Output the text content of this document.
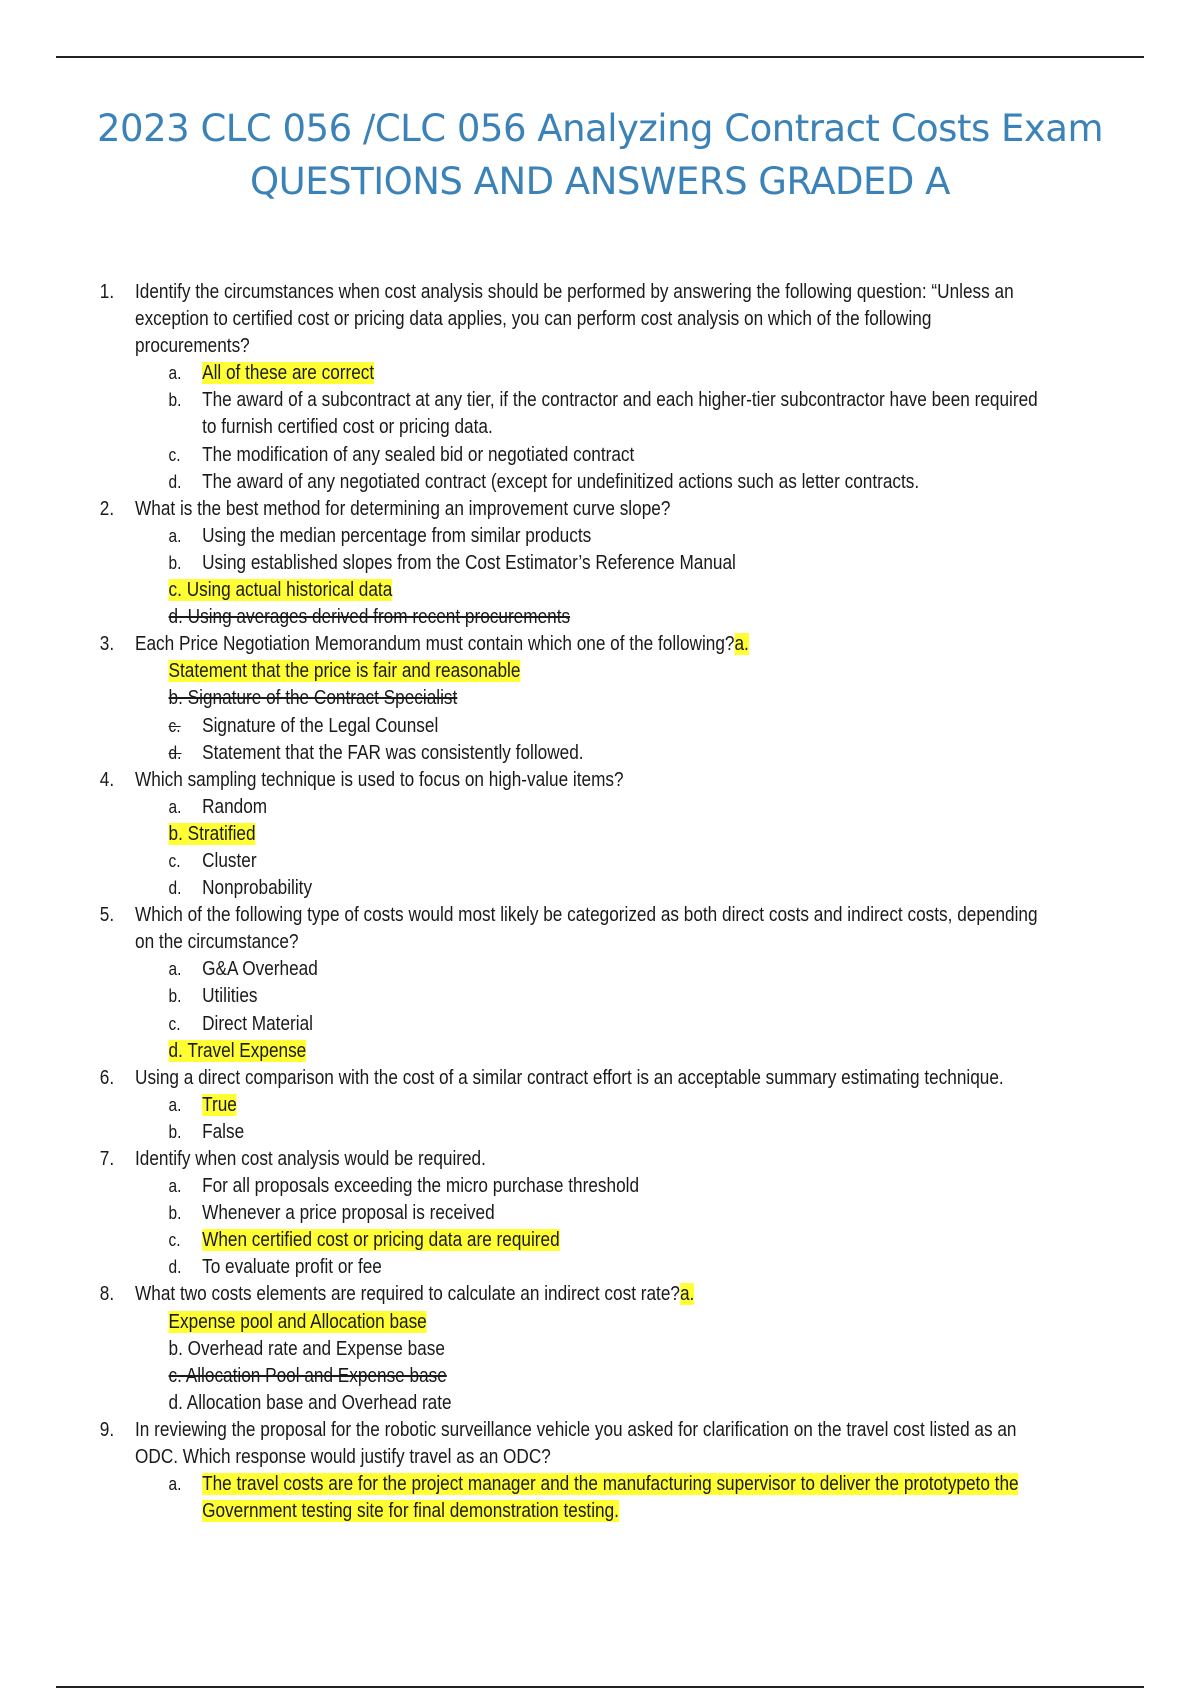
2023 CLC 056 /CLC 056 Analyzing Contract Costs Exam
QUESTIONS AND ANSWERS GRADED A
1. Identify the circumstances when cost analysis should be performed by answering the following question: “Unless an exception to certified cost or pricing data applies, you can perform cost analysis on which of the following procurements?
a. All of these are correct
b. The award of a subcontract at any tier, if the contractor and each higher-tier subcontractor have been required to furnish certified cost or pricing data.
c. The modification of any sealed bid or negotiated contract
d. The award of any negotiated contract (except for undefinitized actions such as letter contracts.
2. What is the best method for determining an improvement curve slope?
a. Using the median percentage from similar products
b. Using established slopes from the Cost Estimator’s Reference Manual
c. Using actual historical data
d. Using averages derived from recent procurements
3. Each Price Negotiation Memorandum must contain which one of the following?a.
Statement that the price is fair and reasonable
b. Signature of the Contract Specialist
c. Signature of the Legal Counsel
d. Statement that the FAR was consistently followed.
4. Which sampling technique is used to focus on high-value items?
a. Random
b. Stratified
c. Cluster
d. Nonprobability
5. Which of the following type of costs would most likely be categorized as both direct costs and indirect costs, depending on the circumstance?
a. G&A Overhead
b. Utilities
c. Direct Material
d. Travel Expense
6. Using a direct comparison with the cost of a similar contract effort is an acceptable summary estimating technique.
a. True
b. False
7. Identify when cost analysis would be required.
a. For all proposals exceeding the micro purchase threshold
b. Whenever a price proposal is received
c. When certified cost or pricing data are required
d. To evaluate profit or fee
8. What two costs elements are required to calculate an indirect cost rate?a.
Expense pool and Allocation base
b. Overhead rate and Expense base
c. Allocation Pool and Expense base
d. Allocation base and Overhead rate
9. In reviewing the proposal for the robotic surveillance vehicle you asked for clarification on the travel cost listed as an ODC. Which response would justify travel as an ODC?
a. The travel costs are for the project manager and the manufacturing supervisor to deliver the prototypeto the Government testing site for final demonstration testing.
